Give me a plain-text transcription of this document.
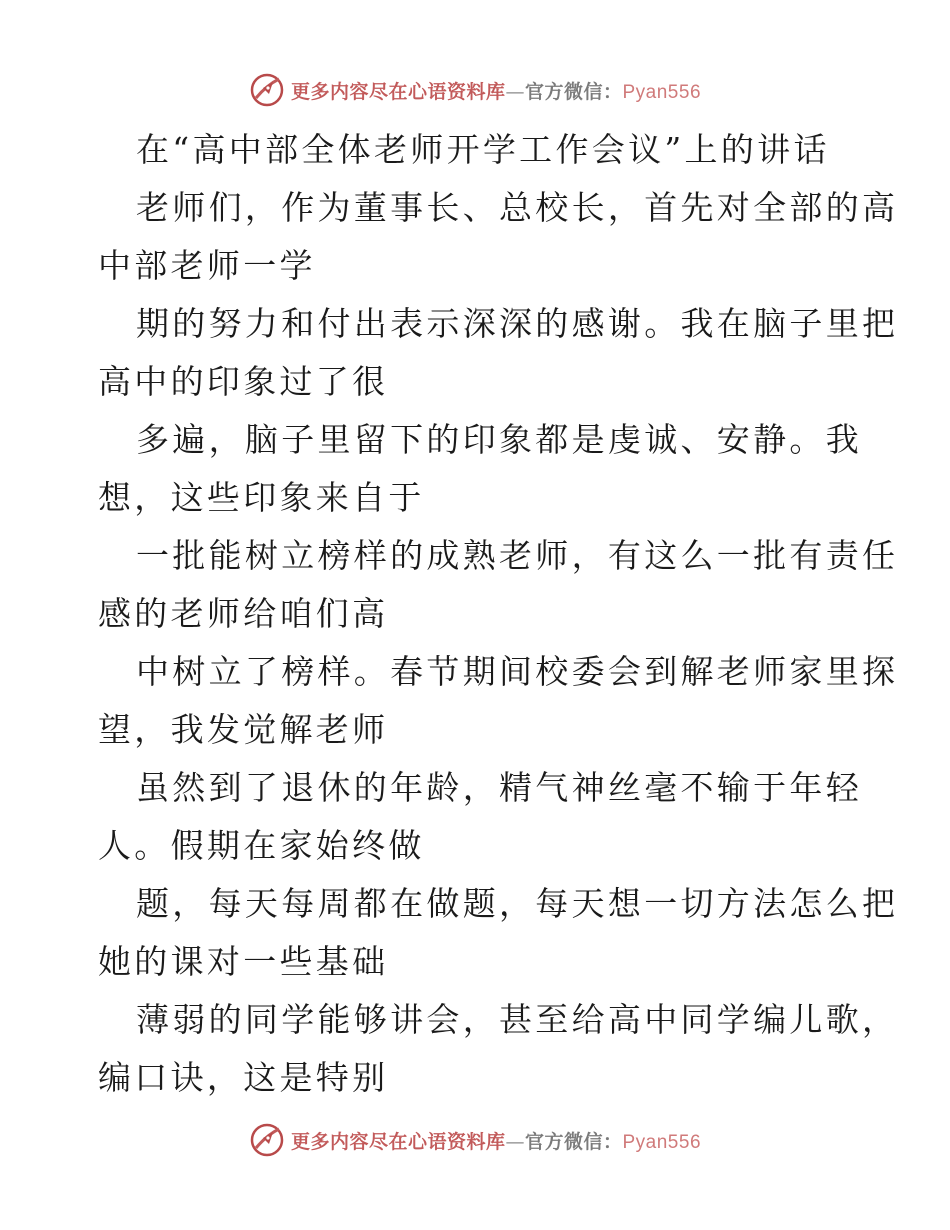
更多内容尽在心语资料库—官方微信：Pyan556
在“高中部全体老师开学工作会议”上的讲话
老师们，作为董事长、总校长，首先对全部的高
中部老师一学
期的努力和付出表示深深的感谢。我在脑子里把
高中的印象过了很
多遍，脑子里留下的印象都是虔诚、安静。我
想，这些印象来自于
一批能树立榜样的成熟老师，有这么一批有责任
感的老师给咱们高
中树立了榜样。春节期间校委会到解老师家里探
望，我发觉解老师
虽然到了退休的年龄，精气神丝毫不输于年轻
人。假期在家始终做
题，每天每周都在做题，每天想一切方法怎么把
她的课对一些基础
薄弱的同学能够讲会，甚至给高中同学编儿歌，
编口诀，这是特别
更多内容尽在心语资料库—官方微信：Pyan556
